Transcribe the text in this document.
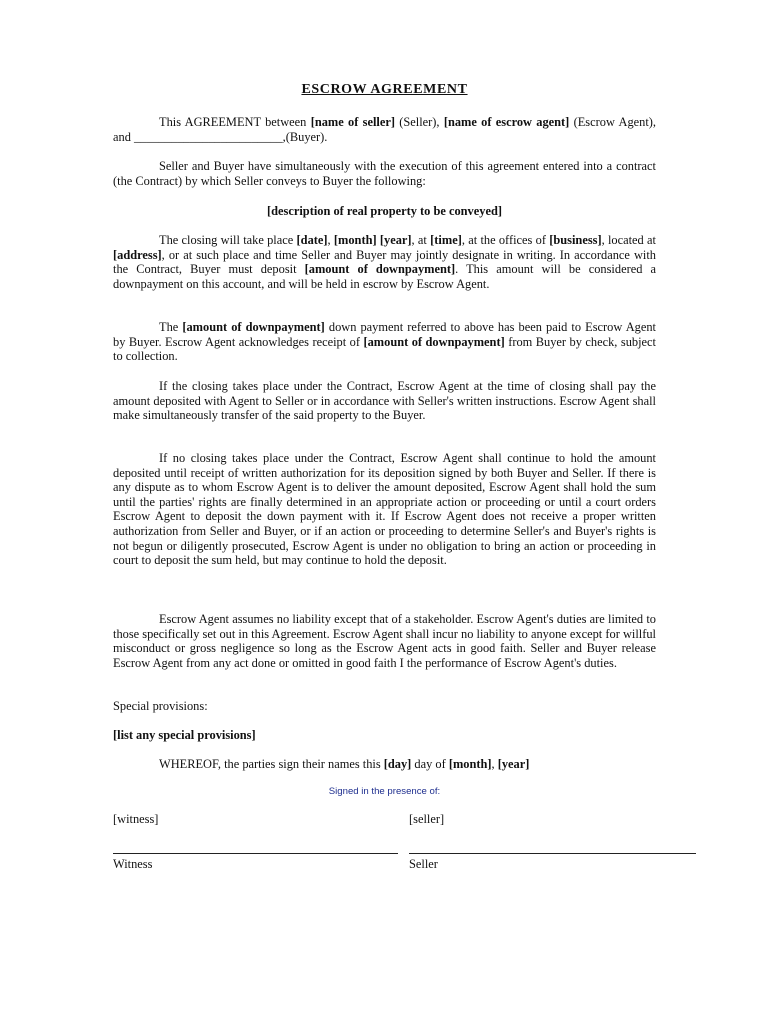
ESCROW AGREEMENT

This AGREEMENT between [name of seller] (Seller), [name of escrow agent] (Escrow Agent), and ________________________,(Buyer).

Seller and Buyer have simultaneously with the execution of this agreement entered into a contract (the Contract) by which Seller conveys to Buyer the following:

[description of real property to be conveyed]

The closing will take place [date], [month] [year], at [time], at the offices of [business], located at [address], or at such place and time Seller and Buyer may jointly designate in writing. In accordance with the Contract, Buyer must deposit [amount of downpayment]. This amount will be considered a downpayment on this account, and will be held in escrow by Escrow Agent.

The [amount of downpayment] down payment referred to above has been paid to Escrow Agent by Buyer. Escrow Agent acknowledges receipt of [amount of downpayment] from Buyer by check, subject to collection.

If the closing takes place under the Contract, Escrow Agent at the time of closing shall pay the amount deposited with Agent to Seller or in accordance with Seller's written instructions. Escrow Agent shall make simultaneously transfer of the said property to the Buyer.

If no closing takes place under the Contract, Escrow Agent shall continue to hold the amount deposited until receipt of written authorization for its deposition signed by both Buyer and Seller. If there is any dispute as to whom Escrow Agent is to deliver the amount deposited, Escrow Agent shall hold the sum until the parties' rights are finally determined in an appropriate action or proceeding or until a court orders Escrow Agent to deposit the down payment with it. If Escrow Agent does not receive a proper written authorization from Seller and Buyer, or if an action or proceeding to determine Seller's and Buyer's rights is not begun or diligently prosecuted, Escrow Agent is under no obligation to bring an action or proceeding in court to deposit the sum held, but may continue to hold the deposit.

Escrow Agent assumes no liability except that of a stakeholder. Escrow Agent's duties are limited to those specifically set out in this Agreement. Escrow Agent shall incur no liability to anyone except for willful misconduct or gross negligence so long as the Escrow Agent acts in good faith. Seller and Buyer release Escrow Agent from any act done or omitted in good faith I the performance of Escrow Agent's duties.

Special provisions:

[list any special provisions]

WHEREOF, the parties sign their names this [day] day of [month], [year]

Signed in the presence of:
[witness]	[seller]
Witness	Seller
